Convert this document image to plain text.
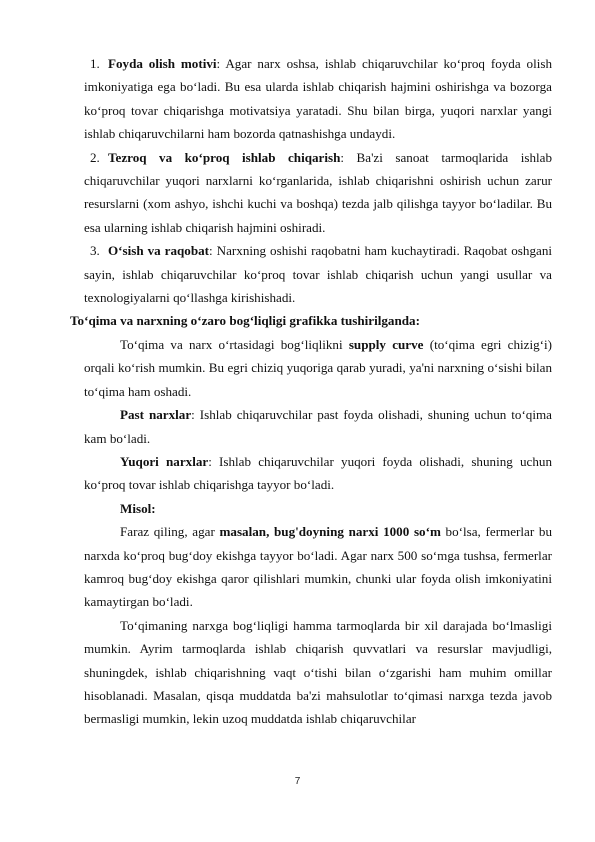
1. Foyda olish motivi: Agar narx oshsa, ishlab chiqaruvchilar ko‘proq foyda olish imkoniyatiga ega bo‘ladi. Bu esa ularda ishlab chiqarish hajmini oshirishga va bozorga ko‘proq tovar chiqarishga motivatsiya yaratadi. Shu bilan birga, yuqori narxlar yangi ishlab chiqaruvchilarni ham bozorda qatnashishga undaydi.

2. Tezroq va ko‘proq ishlab chiqarish: Ba'zi sanoat tarmoqlarida ishlab chiqaruvchilar yuqori narxlarni ko‘rganlarida, ishlab chiqarishni oshirish uchun zarur resurslarni (xom ashyo, ishchi kuchi va boshqa) tezda jalb qilishga tayyor bo‘ladilar. Bu esa ularning ishlab chiqarish hajmini oshiradi.

3. O‘sish va raqobat: Narxning oshishi raqobatni ham kuchaytiradi. Raqobat oshgani sayin, ishlab chiqaruvchilar ko‘proq tovar ishlab chiqarish uchun yangi usullar va texnologiyalarni qo‘llashga kirishishadi.

To‘qima va narxning o‘zaro bog‘liqligi grafikka tushirilganda:

To‘qima va narx o‘rtasidagi bog‘liqlikni supply curve (to‘qima egri chizig‘i) orqali ko‘rish mumkin. Bu egri chiziq yuqoriga qarab yuradi, ya'ni narxning o‘sishi bilan to‘qima ham oshadi.

Past narxlar: Ishlab chiqaruvchilar past foyda olishadi, shuning uchun to‘qima kam bo‘ladi.

Yuqori narxlar: Ishlab chiqaruvchilar yuqori foyda olishadi, shuning uchun ko‘proq tovar ishlab chiqarishga tayyor bo‘ladi.

Misol:

Faraz qiling, agar masalan, bug'doyning narxi 1000 so‘m bo‘lsa, fermerlar bu narxda ko‘proq bug‘doy ekishga tayyor bo‘ladi. Agar narx 500 so‘mga tushsa, fermerlar kamroq bug‘doy ekishga qaror qilishlari mumkin, chunki ular foyda olish imkoniyatini kamaytirgan bo‘ladi.

To‘qimaning narxga bog‘liqligi hamma tarmoqlarda bir xil darajada bo‘lmasligi mumkin. Ayrim tarmoqlarda ishlab chiqarish quvvatlari va resurslar mavjudligi, shuningdek, ishlab chiqarishning vaqt o‘tishi bilan o‘zgarishi ham muhim omillar hisoblanadi. Masalan, qisqa muddatda ba'zi mahsulotlar to‘qimasi narxga tezda javob bermasligi mumkin, lekin uzoq muddatda ishlab chiqaruvchilar

7
